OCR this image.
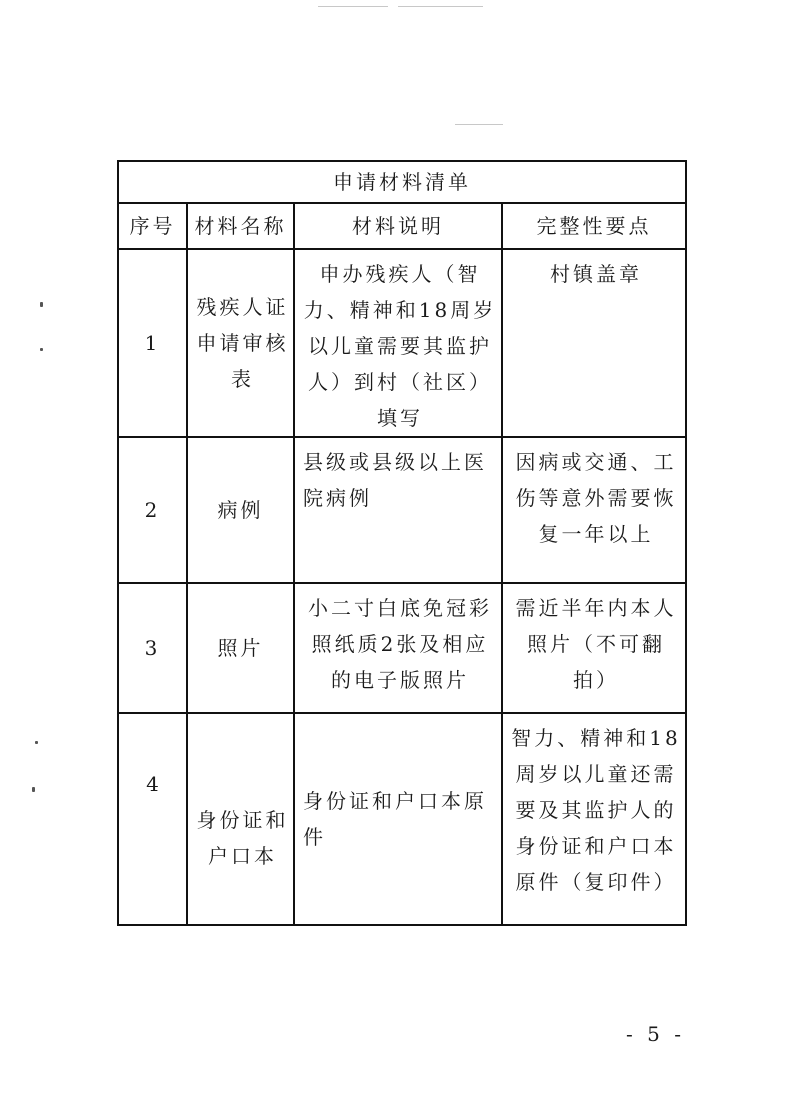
申请材料清单			
序号	材料名称	材料说明	完整性要点
1	残疾人证申请审核表	申办残疾人（智力、精神和18周岁以儿童需要其监护人）到村（社区）填写	村镇盖章

2	病例	县级或县级以上医院病例	因病或交通、工伤等意外需要恢复一年以上

3	照片	小二寸白底免冠彩照纸质2张及相应的电子版照片	需近半年内本人照片（不可翻拍）

4	身份证和户口本	身份证和户口本原件	智力、精神和18周岁以儿童还需要及其监护人的身份证和户口本原件（复印件）
- 5 -
